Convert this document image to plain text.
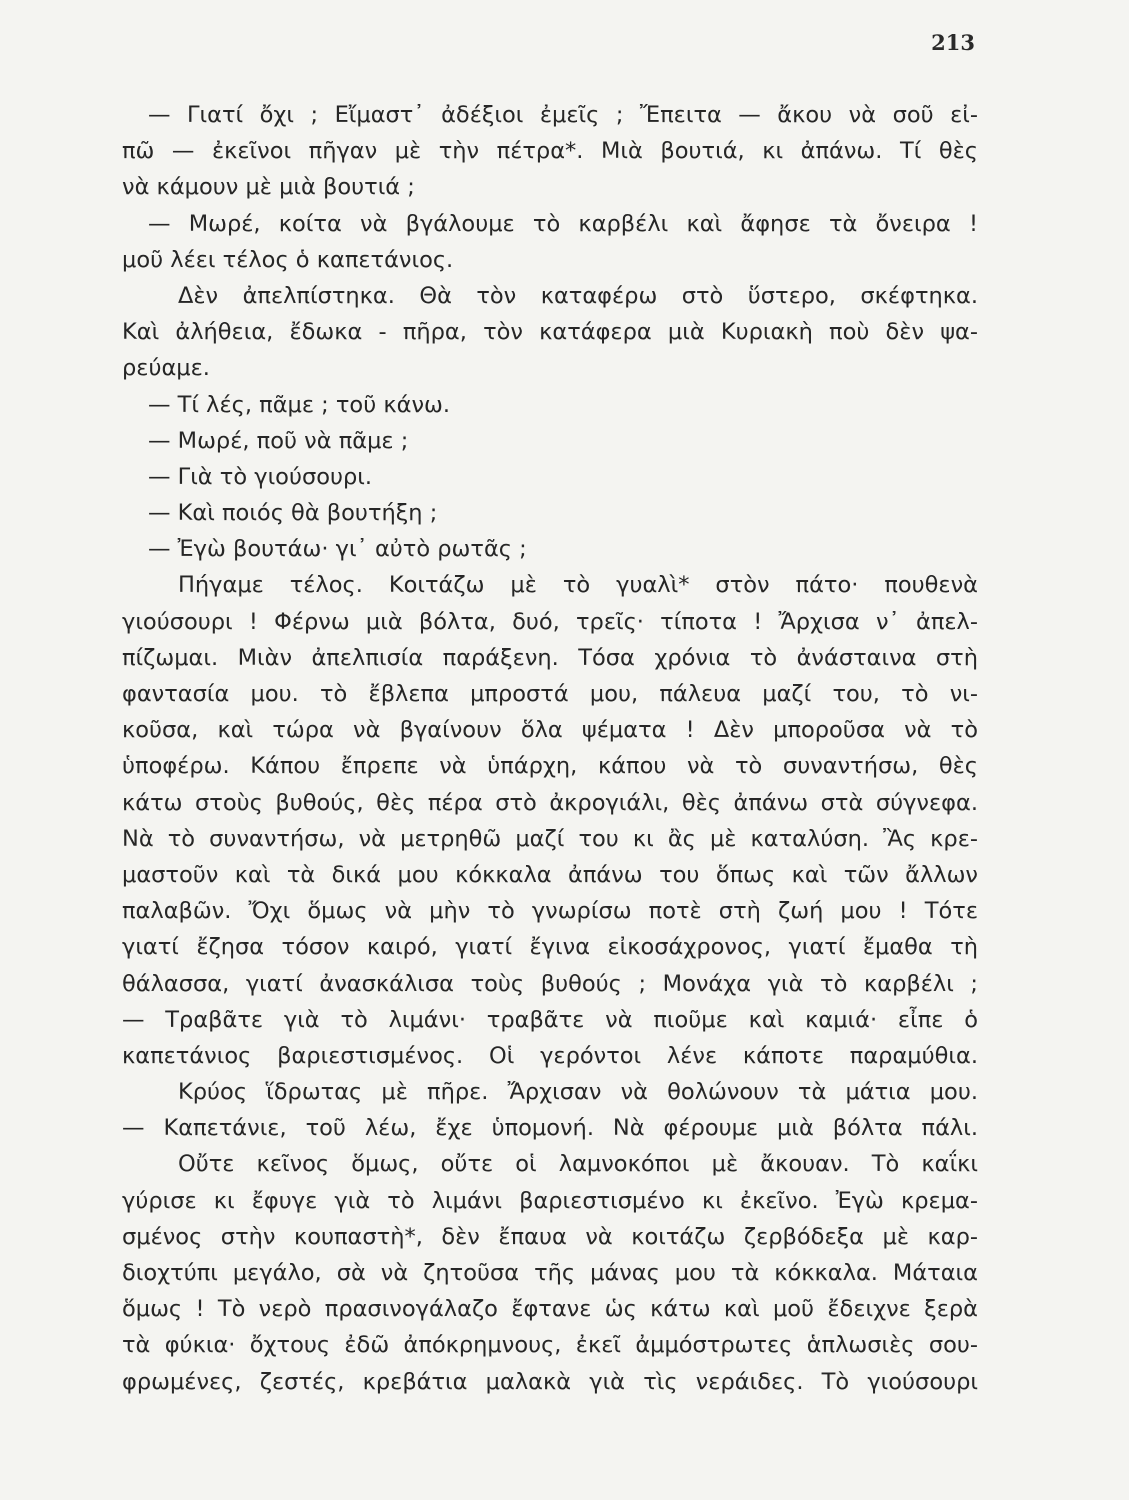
213
— Γιατί ὄχι ; Εἴμαστ᾿ ἀδέξιοι ἐμεῖς ; Ἔπειτα — ἄκου νὰ σοῦ εἰ-
πῶ — ἐκεῖνοι πῆγαν μὲ τὴν πέτρα*. Μιὰ βουτιά, κι ἀπάνω. Τί θὲς
νὰ κάμουν μὲ μιὰ βουτιά ;
— Μωρέ, κοίτα νὰ βγάλουμε τὸ καρβέλι καὶ ἄφησε τὰ ὄνειρα !
μοῦ λέει τέλος ὁ καπετάνιος.
Δὲν ἀπελπίστηκα. Θὰ τὸν καταφέρω στὸ ὕστερο, σκέφτηκα.
Καὶ ἀλήθεια, ἔδωκα - πῆρα, τὸν κατάφερα μιὰ Κυριακὴ ποὺ δὲν ψα-
ρεύαμε.
— Τί λές, πᾶμε ; τοῦ κάνω.
— Μωρέ, ποῦ νὰ πᾶμε ;
— Γιὰ τὸ γιούσουρι.
— Καὶ ποιός θὰ βουτήξη ;
— Ἐγὼ βουτάω· γι᾿ αὐτὸ ρωτᾶς ;
Πήγαμε τέλος. Κοιτάζω μὲ τὸ γυαλὶ* στὸν πάτο· πουθενὰ
γιούσουρι ! Φέρνω μιὰ βόλτα, δυό, τρεῖς· τίποτα ! Ἄρχισα ν᾿ ἀπελ-
πίζωμαι. Μιὰν ἀπελπισία παράξενη. Τόσα χρόνια τὸ ἀνάσταινα στὴ
φαντασία μου. τὸ ἔβλεπα μπροστά μου, πάλευα μαζί του, τὸ νι-
κοῦσα, καὶ τώρα νὰ βγαίνουν ὅλα ψέματα ! Δὲν μποροῦσα νὰ τὸ
ὑποφέρω. Κάπου ἔπρεπε νὰ ὑπάρχη, κάπου νὰ τὸ συναντήσω, θὲς
κάτω στοὺς βυθούς, θὲς πέρα στὸ ἀκρογιάλι, θὲς ἀπάνω στὰ σύγνεφα.
Νὰ τὸ συναντήσω, νὰ μετρηθῶ μαζί του κι ἂς μὲ καταλύση. Ἂς κρε-
μαστοῦν καὶ τὰ δικά μου κόκκαλα ἀπάνω του ὅπως καὶ τῶν ἄλλων
παλαβῶν. Ὄχι ὅμως νὰ μὴν τὸ γνωρίσω ποτὲ στὴ ζωή μου ! Τότε
γιατί ἔζησα τόσον καιρό, γιατί ἔγινα εἰκοσάχρονος, γιατί ἔμαθα τὴ
θάλασσα, γιατί ἀνασκάλισα τοὺς βυθούς ; Μονάχα γιὰ τὸ καρβέλι ;
— Τραβᾶτε γιὰ τὸ λιμάνι· τραβᾶτε νὰ πιοῦμε καὶ καμιά· εἶπε ὁ
καπετάνιος βαριεστισμένος. Οἱ γερόντοι λένε κάποτε παραμύθια.
Κρύος ἵδρωτας μὲ πῆρε. Ἄρχισαν νὰ θολώνουν τὰ μάτια μου.
— Καπετάνιε, τοῦ λέω, ἔχε ὑπομονή. Νὰ φέρουμε μιὰ βόλτα πάλι.
Οὔτε κεῖνος ὅμως, οὔτε οἱ λαμνοκόποι μὲ ἄκουαν. Τὸ καΐκι
γύρισε κι ἔφυγε γιὰ τὸ λιμάνι βαριεστισμένο κι ἐκεῖνο. Ἐγὼ κρεμα-
σμένος στὴν κουπαστὴ*, δὲν ἔπαυα νὰ κοιτάζω ζερβόδεξα μὲ καρ-
διοχτύπι μεγάλο, σὰ νὰ ζητοῦσα τῆς μάνας μου τὰ κόκκαλα. Μάταια
ὅμως ! Τὸ νερὸ πρασινογάλαζο ἔφτανε ὡς κάτω καὶ μοῦ ἔδειχνε ξερὰ
τὰ φύκια· ὄχτους ἐδῶ ἀπόκρημνους, ἐκεῖ ἀμμόστρωτες ἁπλωσιὲς σου-
φρωμένες, ζεστές, κρεβάτια μαλακὰ γιὰ τὶς νεράιδες. Τὸ γιούσουρι
